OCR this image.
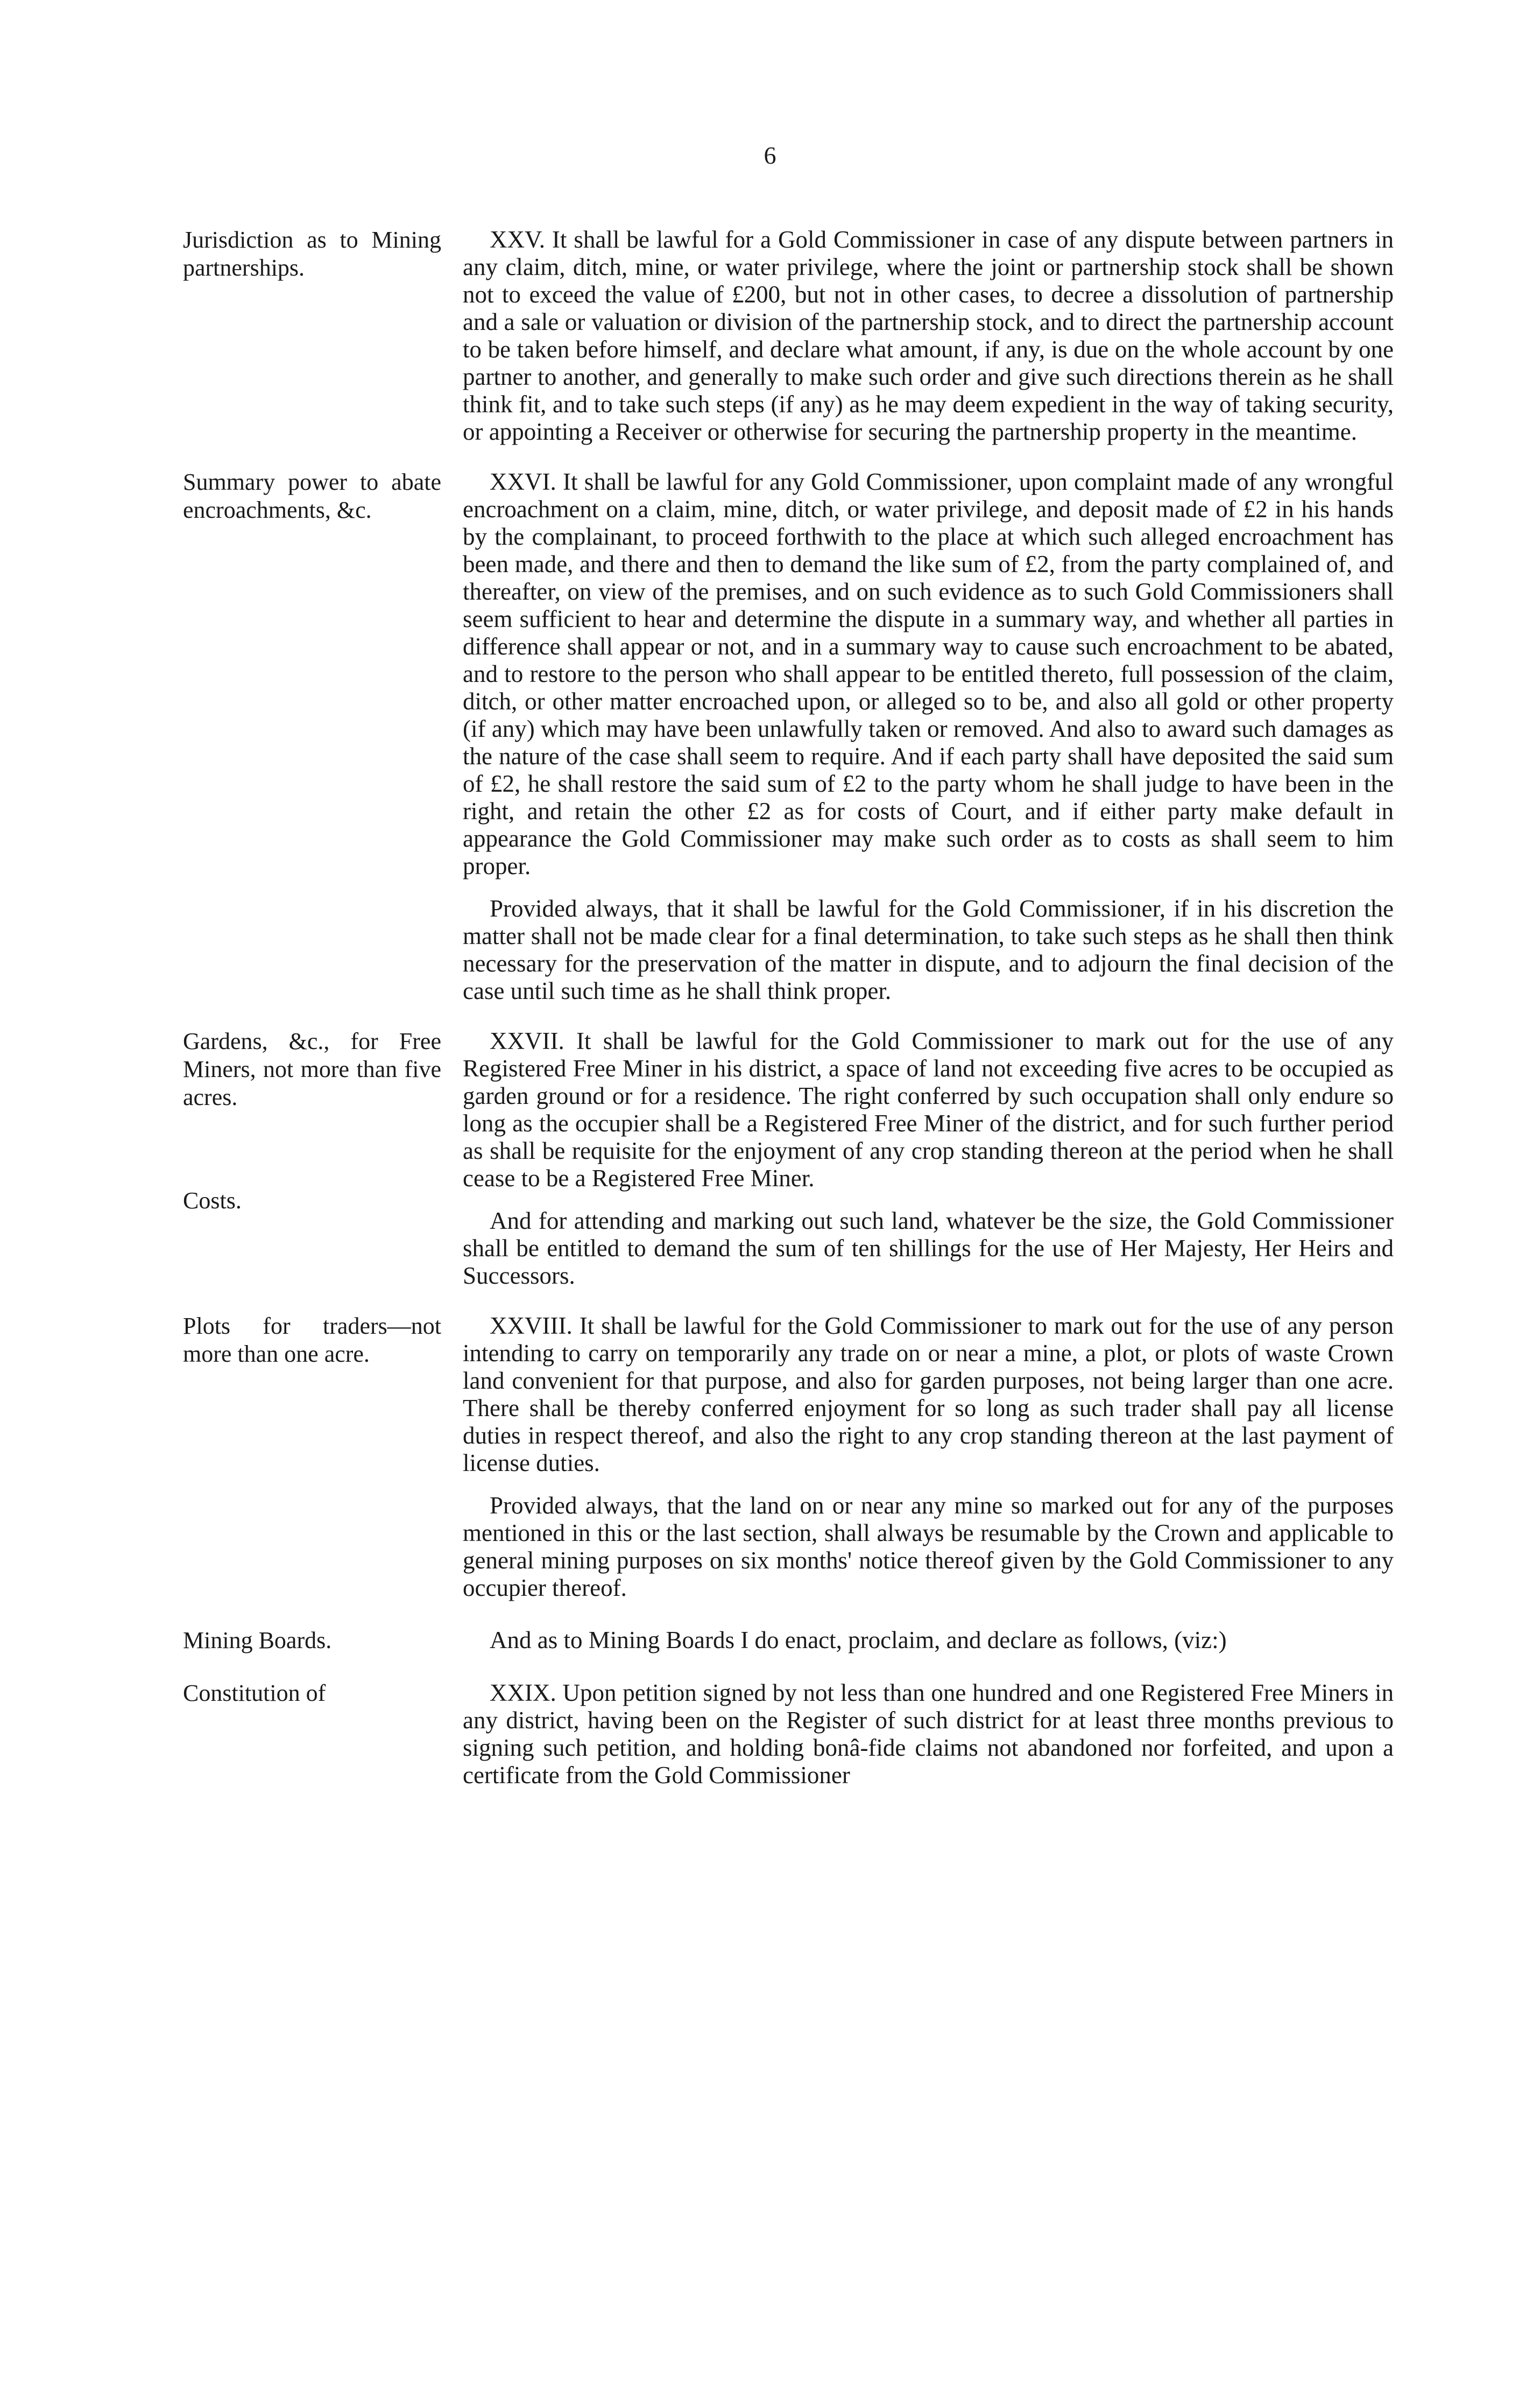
6
Jurisdiction as to Mining partnerships.

XXV. It shall be lawful for a Gold Commissioner in case of any dispute between partners in any claim, ditch, mine, or water privilege, where the joint or partnership stock shall be shown not to exceed the value of £200, but not in other cases, to decree a dissolution of partnership and a sale or valuation or division of the partnership stock, and to direct the partnership account to be taken before himself, and declare what amount, if any, is due on the whole account by one partner to another, and generally to make such order and give such directions therein as he shall think fit, and to take such steps (if any) as he may deem expedient in the way of taking security, or appointing a Receiver or otherwise for securing the partnership property in the meantime.

Summary power to abate encroachments, &c.

XXVI. It shall be lawful for any Gold Commissioner, upon complaint made of any wrongful encroachment on a claim, mine, ditch, or water privilege, and deposit made of £2 in his hands by the complainant, to proceed forthwith to the place at which such alleged encroachment has been made, and there and then to demand the like sum of £2, from the party complained of, and thereafter, on view of the premises, and on such evidence as to such Gold Commissioners shall seem sufficient to hear and determine the dispute in a summary way, and whether all parties in difference shall appear or not, and in a summary way to cause such encroachment to be abated, and to restore to the person who shall appear to be entitled thereto, full possession of the claim, ditch, or other matter encroached upon, or alleged so to be, and also all gold or other property (if any) which may have been unlawfully taken or removed. And also to award such damages as the nature of the case shall seem to require. And if each party shall have deposited the said sum of £2, he shall restore the said sum of £2 to the party whom he shall judge to have been in the right, and retain the other £2 as for costs of Court, and if either party make default in appearance the Gold Commissioner may make such order as to costs as shall seem to him proper.

Provided always, that it shall be lawful for the Gold Commissioner, if in his discretion the matter shall not be made clear for a final determination, to take such steps as he shall then think necessary for the preservation of the matter in dispute, and to adjourn the final decision of the case until such time as he shall think proper.

Costs.
Gardens, &c., for Free Miners, not more than five acres.

XXVII. It shall be lawful for the Gold Commissioner to mark out for the use of any Registered Free Miner in his district, a space of land not exceeding five acres to be occupied as garden ground or for a residence. The right conferred by such occupation shall only endure so long as the occupier shall be a Registered Free Miner of the district, and for such further period as shall be requisite for the enjoyment of any crop standing thereon at the period when he shall cease to be a Registered Free Miner.

And for attending and marking out such land, whatever be the size, the Gold Commissioner shall be entitled to demand the sum of ten shillings for the use of Her Majesty, Her Heirs and Successors.

Plots for traders—not more than one acre.

XXVIII. It shall be lawful for the Gold Commissioner to mark out for the use of any person intending to carry on temporarily any trade on or near a mine, a plot, or plots of waste Crown land convenient for that purpose, and also for garden purposes, not being larger than one acre. There shall be thereby conferred enjoyment for so long as such trader shall pay all license duties in respect thereof, and also the right to any crop standing thereon at the last payment of license duties.

Provided always, that the land on or near any mine so marked out for any of the purposes mentioned in this or the last section, shall always be resumable by the Crown and applicable to general mining purposes on six months' notice thereof given by the Gold Commissioner to any occupier thereof.

Mining Boards.	And as to Mining Boards I do enact, proclaim, and declare as follows, (viz:)

Constitution of	XXIX. Upon petition signed by not less than one hundred and one Registered Free Miners in any district, having been on the Register of such district for at least three months previous to signing such petition, and holding bonâ-fide claims not abandoned nor forfeited, and upon a certificate from the Gold Commissioner
